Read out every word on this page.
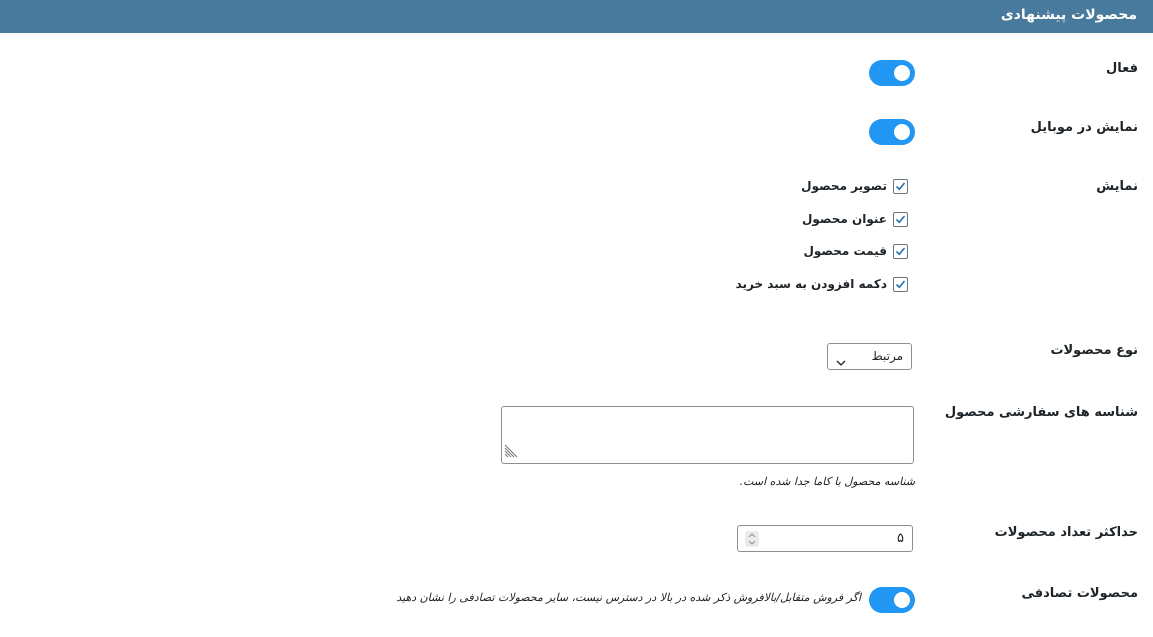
محصولات پیشنهادی
فعال
نمایش در موبایل
نمایش
تصویر محصول
عنوان محصول
قیمت محصول
دکمه افزودن به سبد خرید
نوع محصولات
مرتبط
شناسه های سفارشی محصول
شناسه محصول با کاما جدا شده است.
حداکثر تعداد محصولات
۵
محصولات تصادفی
اگر فروش متقابل/بالافروش ذکر شده در بالا در دسترس نیست، سایر محصولات تصادفی را نشان دهید
